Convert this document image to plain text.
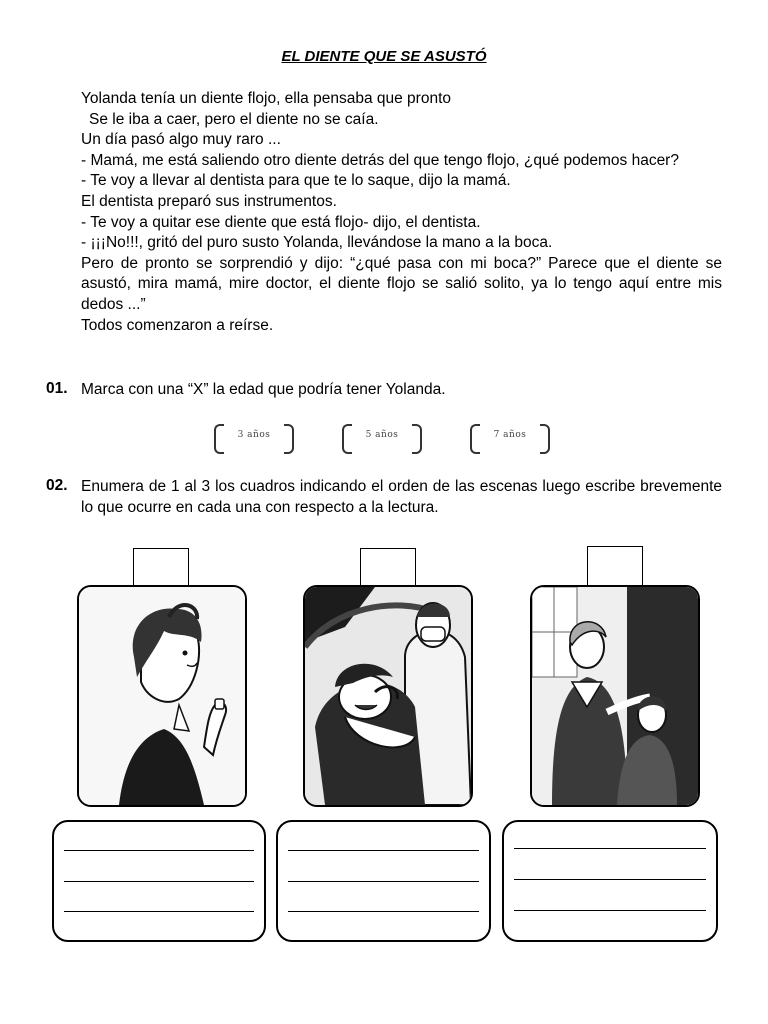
EL DIENTE QUE SE ASUSTÓ

Yolanda tenía un diente flojo, ella pensaba que pronto

Se le iba a caer, pero el diente no se caía.

Un día pasó algo muy raro ...

- Mamá, me está saliendo otro diente detrás del que tengo flojo, ¿qué podemos hacer?

- Te voy a llevar al dentista para que te lo saque, dijo la mamá.

El dentista preparó sus instrumentos.

- Te voy a quitar ese diente que está flojo- dijo, el dentista.

- ¡¡¡No!!!, gritó del puro susto Yolanda, llevándose la mano a la boca.

Pero de pronto se sorprendió y dijo: “¿qué pasa con mi boca?” Parece que el diente se asustó, mira mamá, mire doctor, el diente flojo se salió solito, ya lo tengo aquí entre mis dedos ...”

Todos comenzaron a reírse.

01. Marca con una “X” la edad que podría tener Yolanda.
3 años	5 años	7 años
02. Enumera de 1 al 3 los cuadros indicando el orden de las escenas luego escribe brevemente lo que ocurre en cada una con respecto a la lectura.
